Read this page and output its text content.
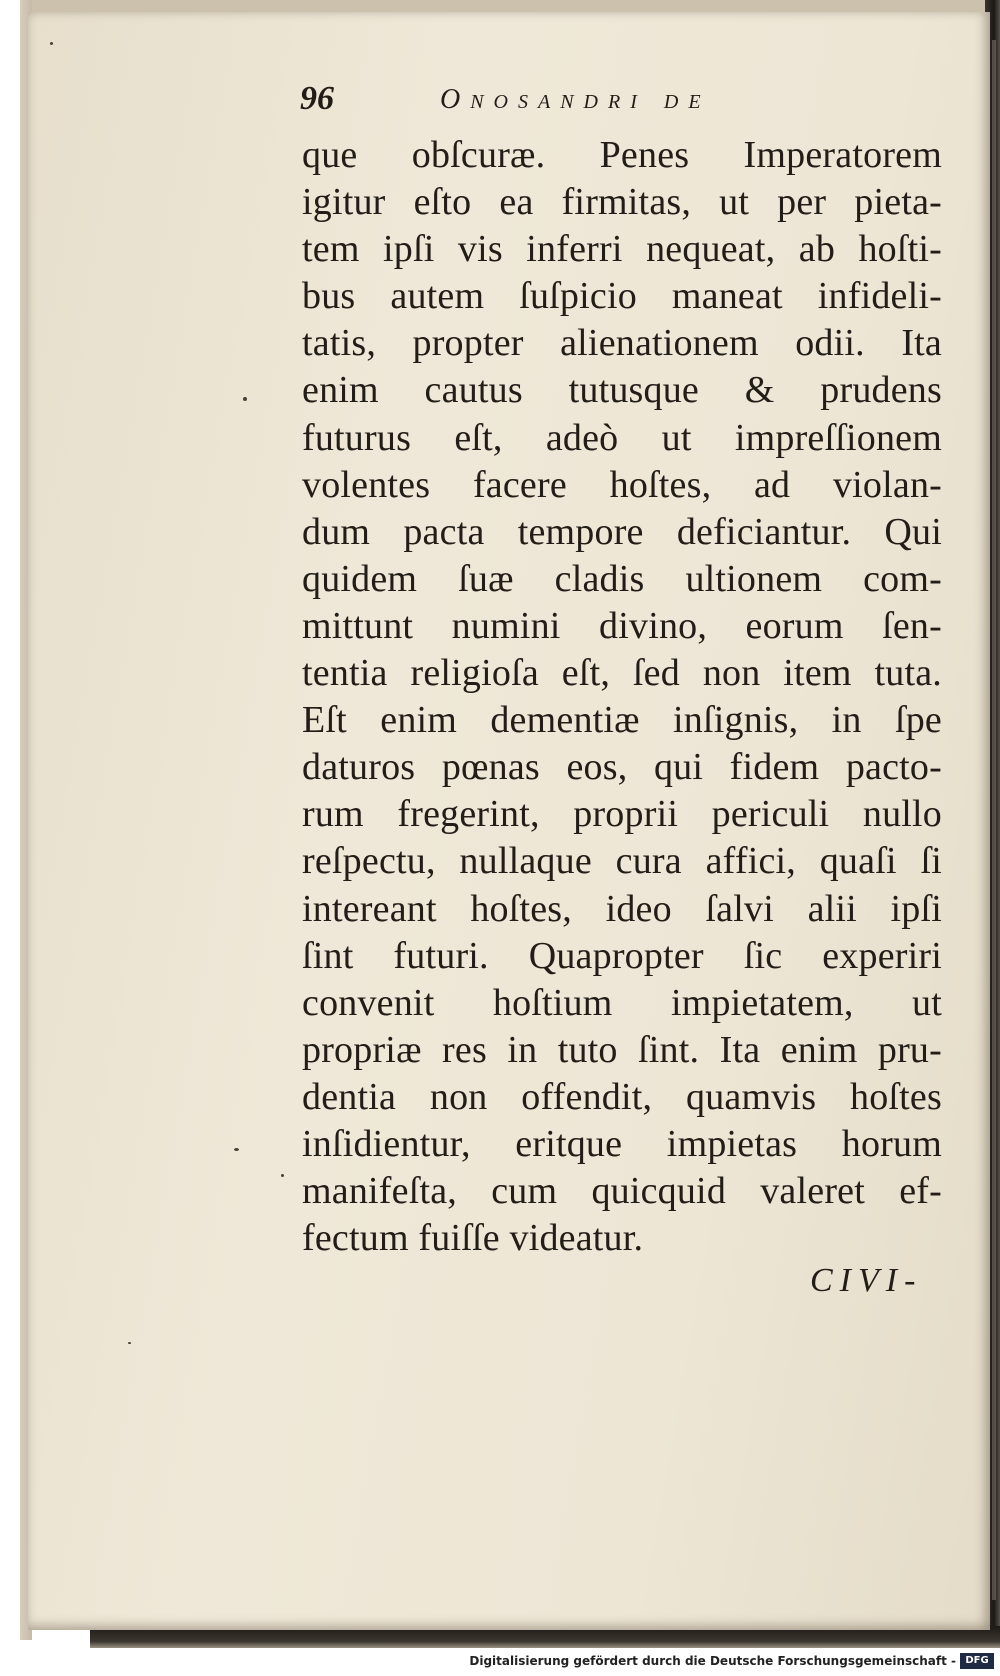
96	Onosandri de
que obſcuræ. Penes Imperatorem
igitur eſto ea firmitas, ut per pieta-
tem ipſi vis inferri nequeat, ab hoſti-
bus autem ſuſpicio maneat infideli-
tatis, propter alienationem odii. Ita
enim cautus tutusque & prudens
futurus eſt, adeò ut impreſſionem
volentes facere hoſtes, ad violan-
dum pacta tempore deficiantur. Qui
quidem ſuæ cladis ultionem com-
mittunt numini divino, eorum ſen-
tentia religioſa eſt, ſed non item tuta.
Eſt enim dementiæ inſignis, in ſpe
daturos pœnas eos, qui fidem pacto-
rum fregerint, proprii periculi nullo
reſpectu, nullaque cura affici, quaſi ſi
intereant hoſtes, ideo ſalvi alii ipſi
ſint futuri. Quapropter ſic experiri
convenit hoſtium impietatem, ut
propriæ res in tuto ſint. Ita enim pru-
dentia non offendit, quamvis hoſtes
inſidientur, eritque impietas horum
manifeſta, cum quicquid valeret ef-
fectum fuiſſe videatur.
CIVI-
Digitalisierung gefördert durch die Deutsche Forschungsgemeinschaft - DFG
